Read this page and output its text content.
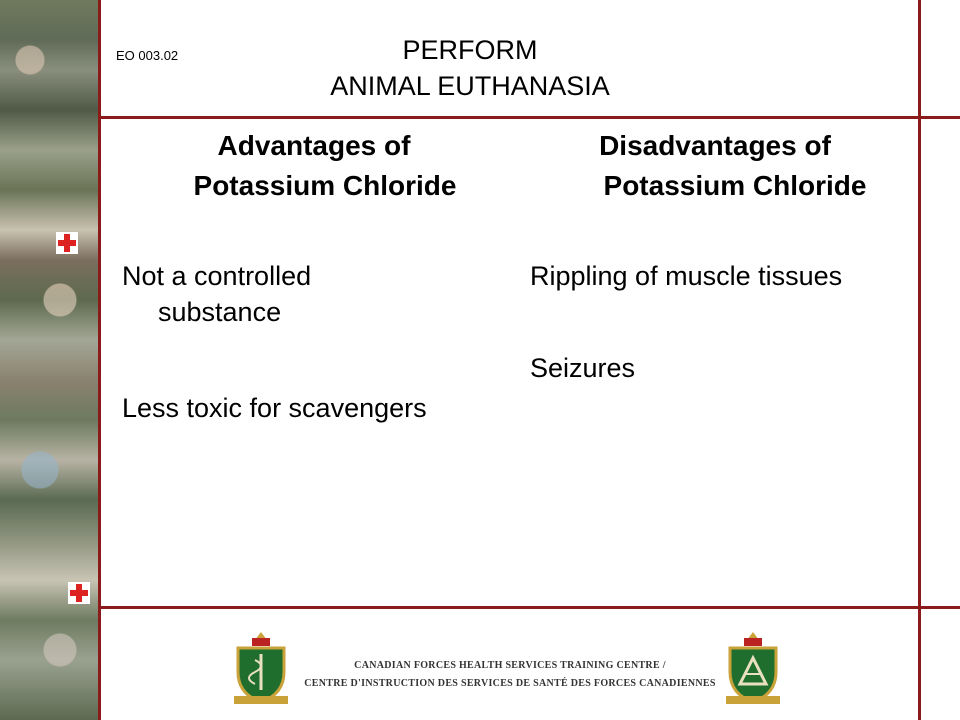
EO 003.02	PERFORM
ANIMAL EUTHANASIA
Advantages of
Potassium Chloride
Not a controlled
substance
Less toxic for scavengers
Disadvantages of
Potassium Chloride
Rippling of muscle tissues
Seizures
CANADIAN FORCES HEALTH SERVICES TRAINING CENTRE /
CENTRE D'INSTRUCTION DES SERVICES DE SANTÉ DES FORCES CANADIENNES
